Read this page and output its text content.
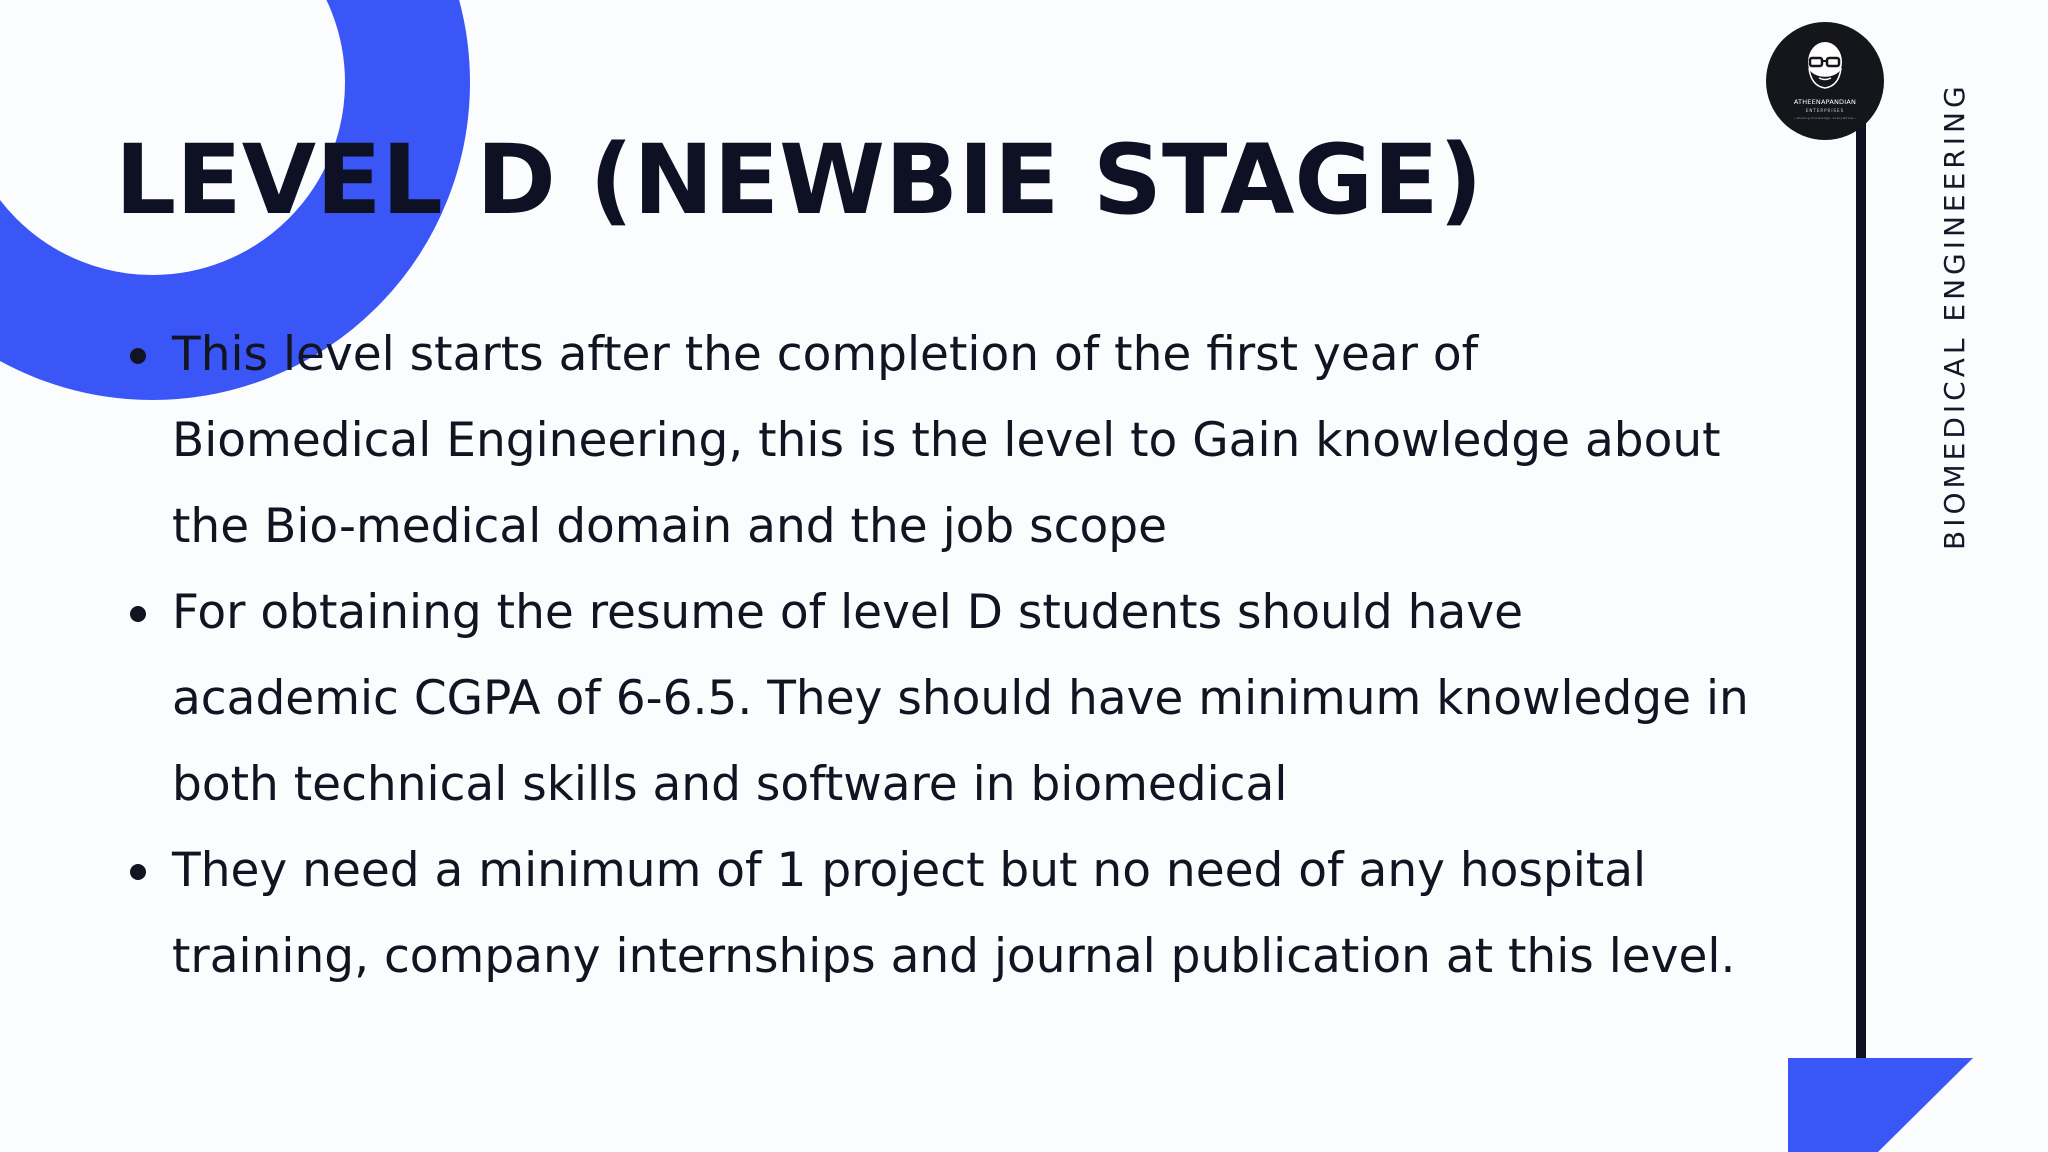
LEVEL D (NEWBIE STAGE)
This level starts after the completion of the first year of Biomedical Engineering, this is the level to Gain knowledge about the Bio-medical domain and the job scope
For obtaining the resume of level D students should have academic CGPA of 6-6.5. They should have minimum knowledge in both technical skills and software in biomedical
They need a minimum of 1 project but no need of any hospital training, company internships and journal publication at this level.
ATHEENAPANDIAN
ENTERPRISES
~sharing knowledge, everywhere~	BIOMEDICAL ENGINEERING
